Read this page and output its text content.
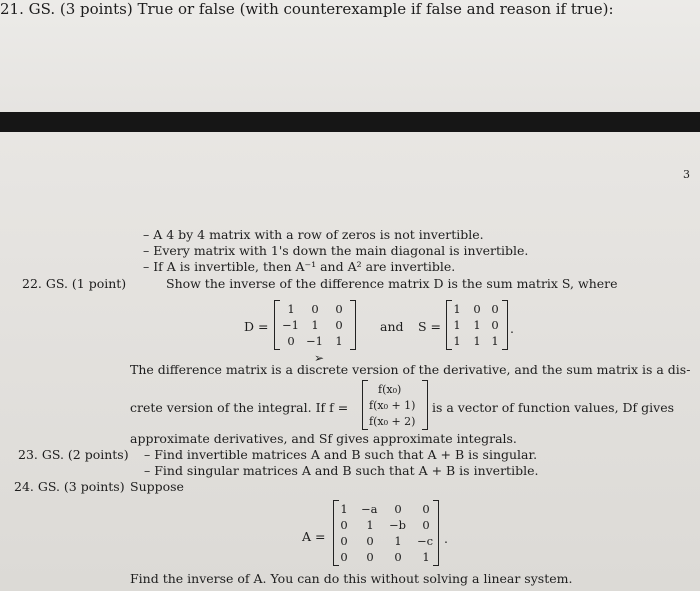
21. GS. (3 points) True or false (with counterexample if false and reason if true):
3
– A 4 by 4 matrix with a row of zeros is not invertible.
– Every matrix with 1's down the main diagonal is invertible.
– If A is invertible, then A⁻¹ and A² are invertible.
22. GS. (1 point)	Show the inverse of the difference matrix D is the sum matrix S, where
D =
1 0 0
−1 1 0
0 −1 1
➢
and S =
1 0 0
1 1 0
1 1 1
.
The difference matrix is a discrete version of the derivative, and the sum matrix is a dis-
crete version of the integral. If f =
f(x₀)
f(x₀ + 1)
f(x₀ + 2)
is a vector of function values, Df gives
approximate derivatives, and Sf gives approximate integrals.
23. GS. (2 points) – Find invertible matrices A and B such that A + B is singular.
– Find singular matrices A and B such that A + B is invertible.
24. GS. (3 points) Suppose
A =
1 −a 0 0
0 1 −b 0
0 0 1 −c
0 0 0 1
.
Find the inverse of A. You can do this without solving a linear system.
